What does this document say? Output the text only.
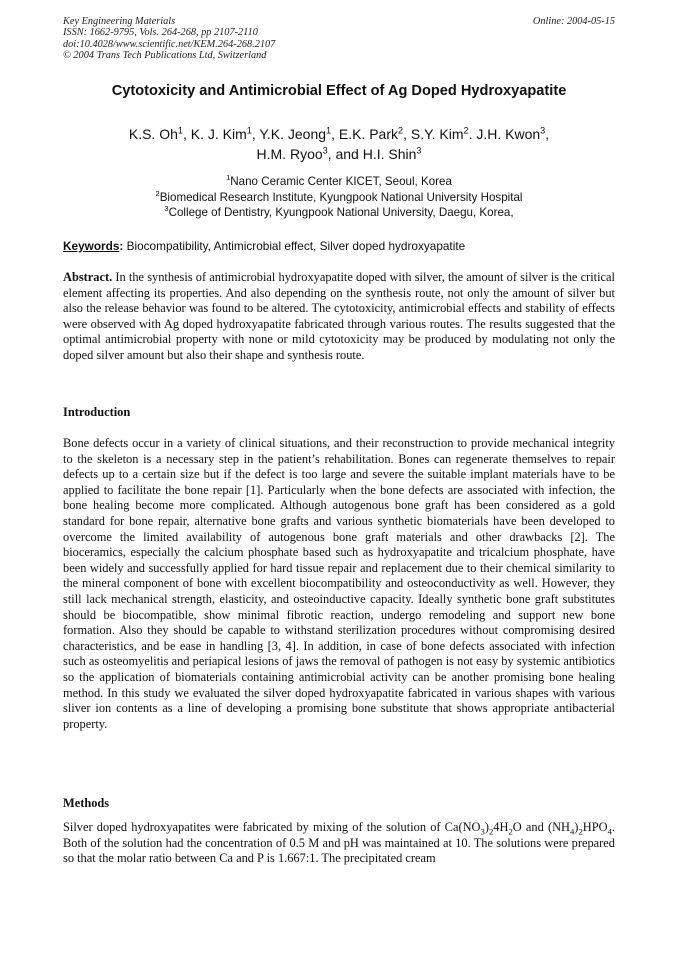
Key Engineering Materials
ISSN: 1662-9795, Vols. 264-268, pp 2107-2110
doi:10.4028/www.scientific.net/KEM.264-268.2107
© 2004 Trans Tech Publications Ltd, Switzerland
Online: 2004-05-15
Cytotoxicity and Antimicrobial Effect of Ag Doped Hydroxyapatite
K.S. Oh$^1$, K. J. Kim$^1$, Y.K. Jeong$^1$, E.K. Park$^2$, S.Y. Kim$^2$. J.H. Kwon$^3$,
H.M. Ryoo$^3$, and H.I. Shin$^3$
$^1$Nano Ceramic Center KICET, Seoul, Korea
$^2$Biomedical Research Institute, Kyungpook National University Hospital
$^3$College of Dentistry, Kyungpook National University, Daegu, Korea,
Keywords: Biocompatibility, Antimicrobial effect, Silver doped hydroxyapatite
Abstract. In the synthesis of antimicrobial hydroxyapatite doped with silver, the amount of silver is the critical element affecting its properties. And also depending on the synthesis route, not only the amount of silver but also the release behavior was found to be altered. The cytotoxicity, antimicrobial effects and stability of effects were observed with Ag doped hydroxyapatite fabricated through various routes. The results suggested that the optimal antimicrobial property with none or mild cytotoxicity may be produced by modulating not only the doped silver amount but also their shape and synthesis route.
Introduction
Bone defects occur in a variety of clinical situations, and their reconstruction to provide mechanical integrity to the skeleton is a necessary step in the patient’s rehabilitation. Bones can regenerate themselves to repair defects up to a certain size but if the defect is too large and severe the suitable implant materials have to be applied to facilitate the bone repair [1]. Particularly when the bone defects are associated with infection, the bone healing become more complicated. Although autogenous bone graft has been considered as a gold standard for bone repair, alternative bone grafts and various synthetic biomaterials have been developed to overcome the limited availability of autogenous bone graft materials and other drawbacks [2]. The bioceramics, especially the calcium phosphate based such as hydroxyapatite and tricalcium phosphate, have been widely and successfully applied for hard tissue repair and replacement due to their chemical similarity to the mineral component of bone with excellent biocompatibility and osteoconductivity as well. However, they still lack mechanical strength, elasticity, and osteoinductive capacity. Ideally synthetic bone graft substitutes should be biocompatible, show minimal fibrotic reaction, undergo remodeling and support new bone formation. Also they should be capable to withstand sterilization procedures without compromising desired characteristics, and be ease in handling [3, 4]. In addition, in case of bone defects associated with infection such as osteomyelitis and periapical lesions of jaws the removal of pathogen is not easy by systemic antibiotics so the application of biomaterials containing antimicrobial activity can be another promising bone healing method. In this study we evaluated the silver doped hydroxyapatite fabricated in various shapes with various sliver ion contents as a line of developing a promising bone substitute that shows appropriate antibacterial property.
Methods
Silver doped hydroxyapatites were fabricated by mixing of the solution of $Ca(NO_3)_24H_2O$ and $(NH_4)_2HPO_4$. Both of the solution had the concentration of 0.5 M and pH was maintained at 10. The solutions were prepared so that the molar ratio between Ca and P is 1.667:1. The precipitated cream
